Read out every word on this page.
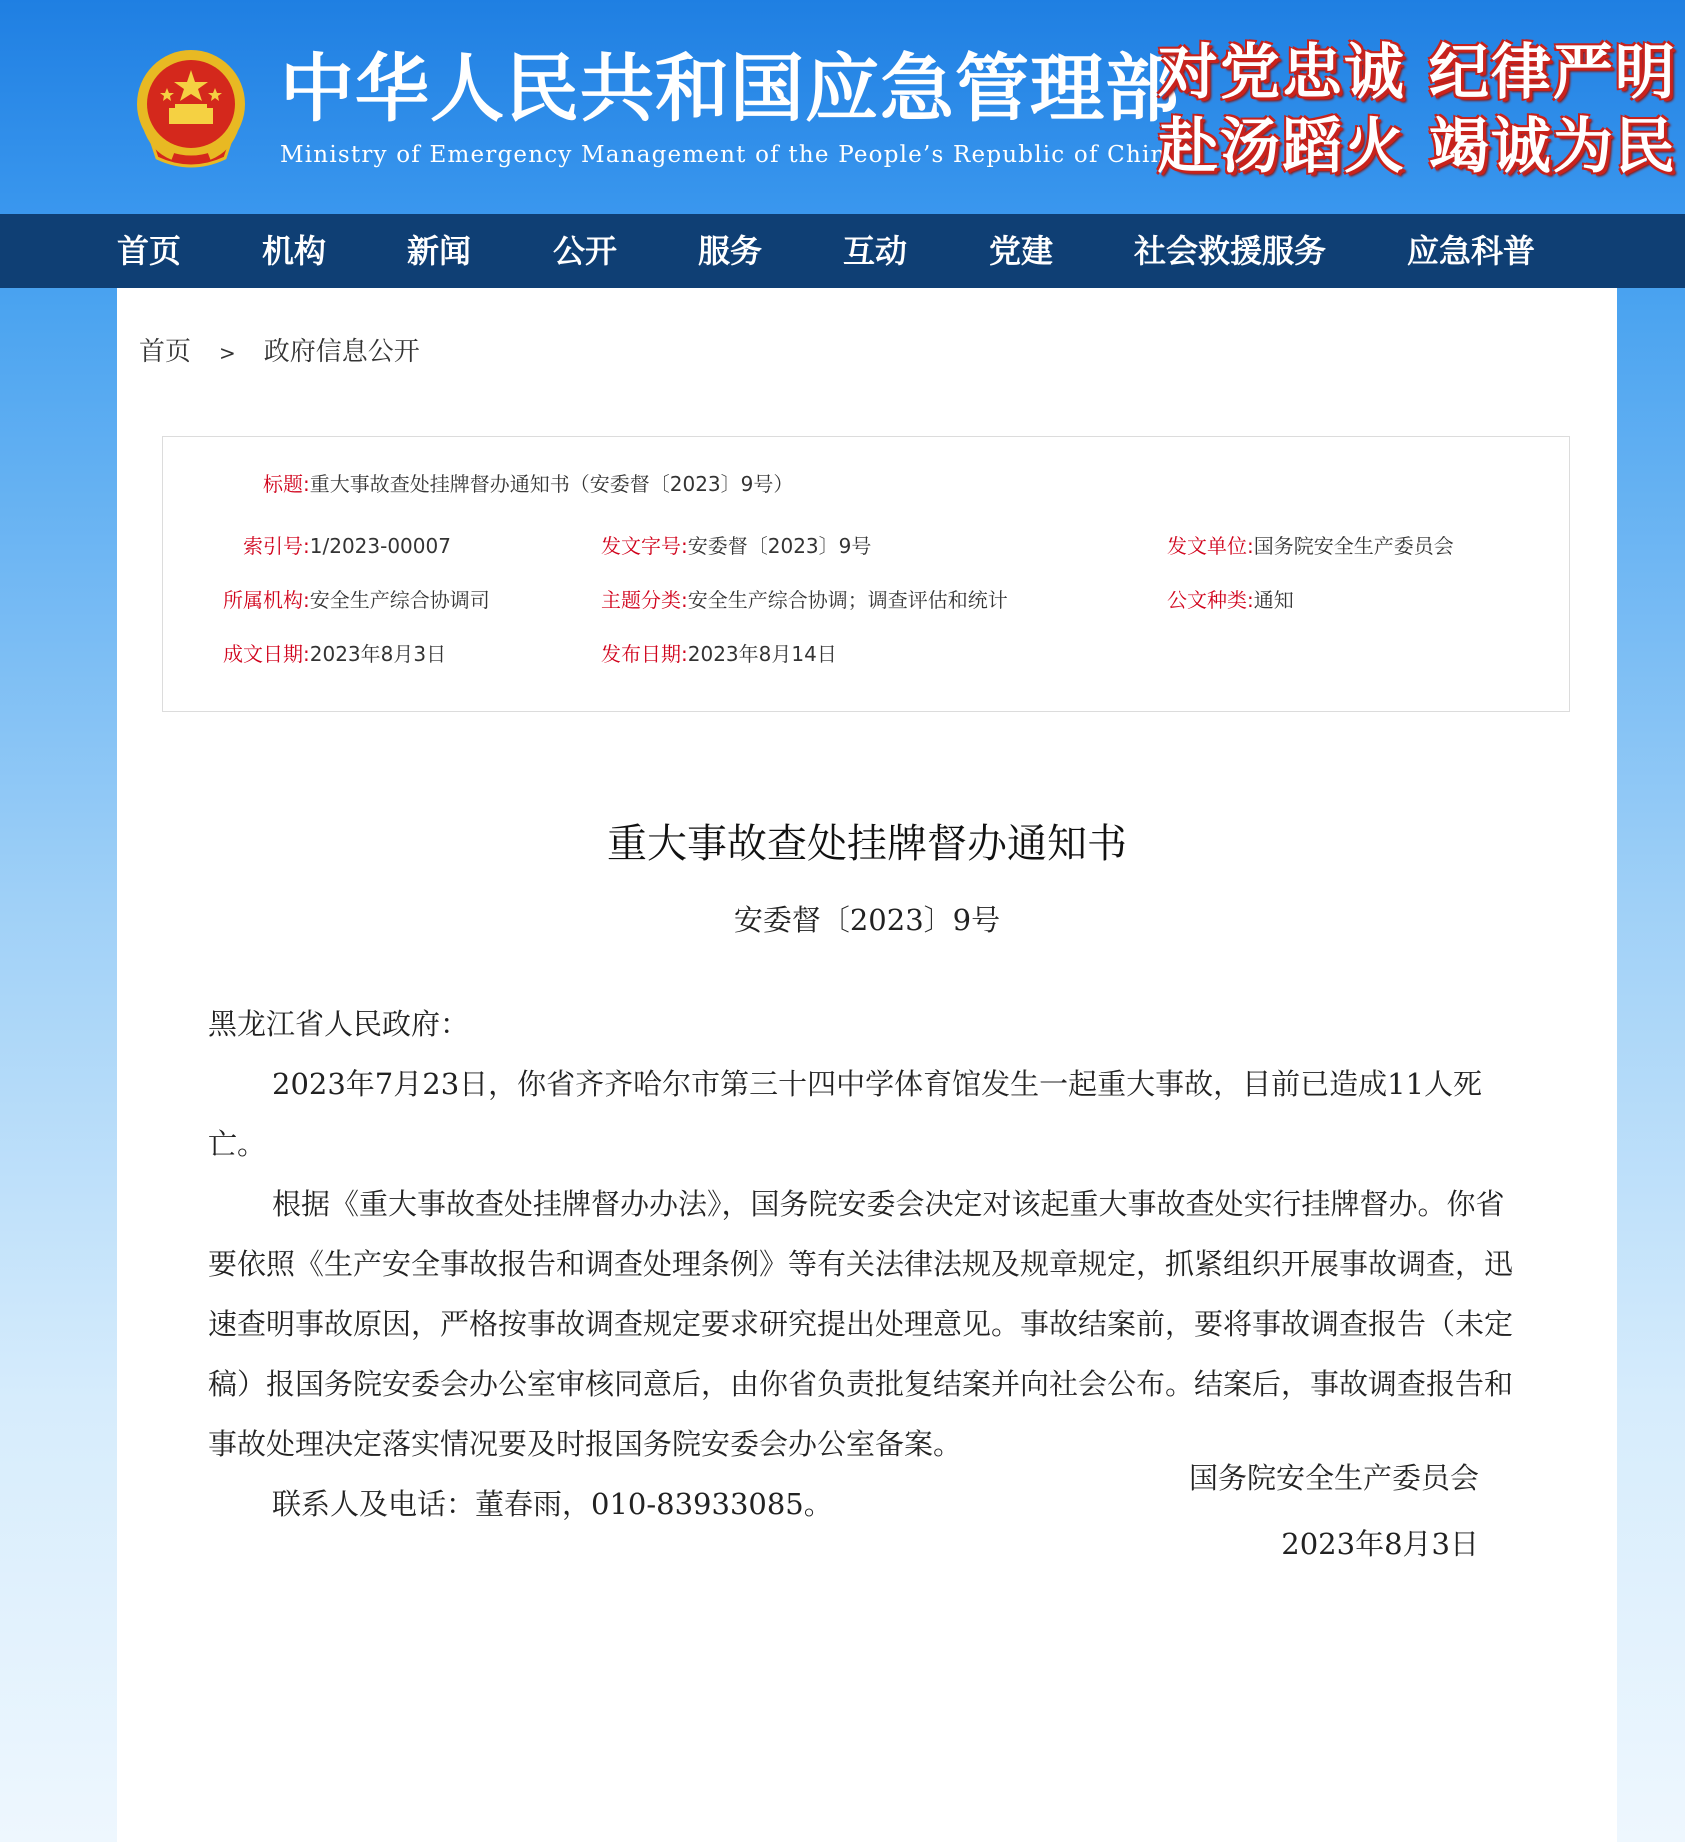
中华人民共和国应急管理部
Ministry of Emergency Management of the People’s Republic of China
对党忠诚 纪律严明
赴汤蹈火 竭诚为民
首页	机构	新闻	公开	服务	互动	党建	社会救援服务	应急科普
首页 > 政府信息公开
标题:重大事故查处挂牌督办通知书（安委督〔2023〕9号）
索引号:1/2023-00007	发文字号:安委督〔2023〕9号	发文单位:国务院安全生产委员会
所属机构:安全生产综合协调司	主题分类:安全生产综合协调；调查评估和统计	公文种类:通知
成文日期:2023年8月3日	发布日期:2023年8月14日
重大事故查处挂牌督办通知书
安委督〔2023〕9号

黑龙江省人民政府：

2023年7月23日，你省齐齐哈尔市第三十四中学体育馆发生一起重大事故，目前已造成11人死亡。

根据《重大事故查处挂牌督办办法》，国务院安委会决定对该起重大事故查处实行挂牌督办。你省要依照《生产安全事故报告和调查处理条例》等有关法律法规及规章规定，抓紧组织开展事故调查，迅速查明事故原因，严格按事故调查规定要求研究提出处理意见。事故结案前，要将事故调查报告（未定稿）报国务院安委会办公室审核同意后，由你省负责批复结案并向社会公布。结案后，事故调查报告和事故处理决定落实情况要及时报国务院安委会办公室备案。

联系人及电话：董春雨，010-83933085。

国务院安全生产委员会
2023年8月3日
